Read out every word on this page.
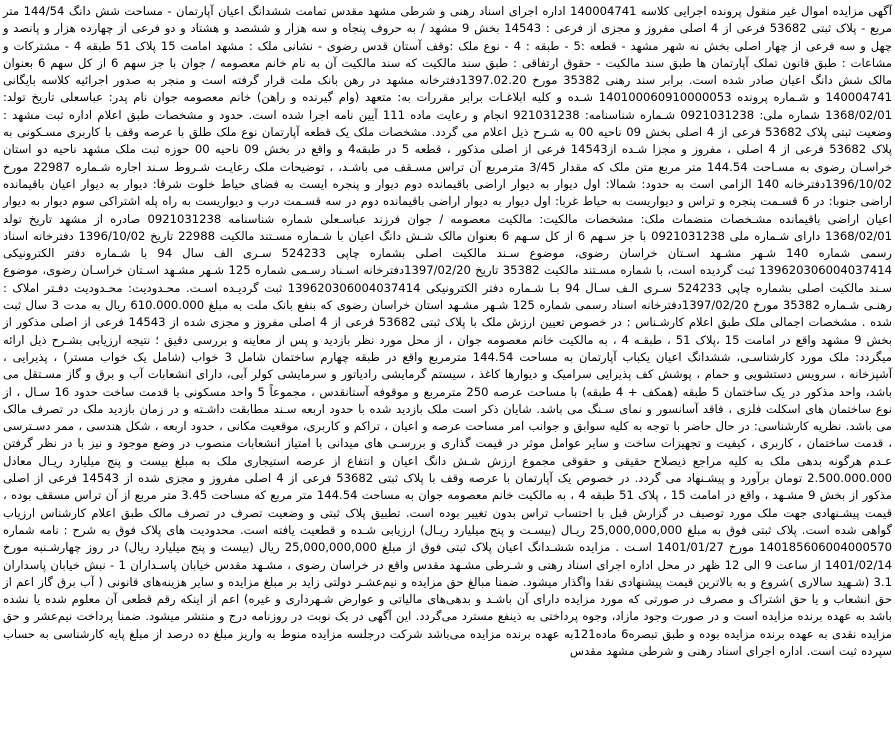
آگهی مزایده اموال غیر منقول پرونده اجرایی کلاسه 140004741 اداره اجرای اسناد رهنی و شرطی مشهد مقدس تمامت ششدانگ اعیان آپارتمان - مساحت شش دانگ 144/54 متر مربع - پلاک ثبتی 53682 فرعی از 4 اصلی مفروز و مجزی از فرعی : 14543 بخش 9 مشهد / به حروف پنجاه و سه هزار و ششصد و هشتاد و دو فرعی از چهارده هزار و پانصد و چهل و سه فرعی از چهار اصلی بخش نه شهر مشهد - قطعه :5 - طبقه : 4 - نوع ملک :وقف آستان قدس رضوی - نشانی ملک : مشهد امامت 15 پلاک 51 طبقه 4 - مشترکات و مشاعات : طبق قانون تملک آپارتمان ها طبق سند مالکیت - حقوق ارتفاقی : طبق سند مالکیت که سند مالکیت آن به نام خانم معصومه / جوان با جز سهم 6 از کل سهم 6 بعنوان مالک شش دانگ اعیان صادر شده است. برابر سند رهنی 35382 مورخ 1397.02.20دفترخانه مشهد در رهن بانک ملت قرار گرفته است و منجر به صدور اجرائیه کلاسه بایگانی 140004741 و شـماره پرونده 140100060910000053 شـده و کلیه ابلاغـات برابر مقررات به: متعهد (وام گیرنده و راهن) خانم معصومه جوان نام پدر: عباسعلی تاریخ تولد: 1368/02/01 شماره ملی: 0921031238 شـماره شناسنامه: 921031238 انجام و رعایت ماده 111 آیین نامه اجرا شده است. حدود و مشخصات طبق اعلام اداره ثبت مشهد : وضعیت ثبتی پلاک 53682 فرعی از 4 اصلی بخش 09 ناحیه 00 به شـرح ذیل اعلام می گردد. مشخصات ملک یک قطعه آپارتمان نوع ملک طلق با عرصه وقف با کاربری مسـکونی به پلاک 53682 فرعی از 4 اصلی ، مفروز و مجزا شـده از14543 فرعی از اصلی مذکور ، قطعه 5 در طبقه4 و واقع در بخش 09 ناحیه 00 حوزه ثبت ملک مشهد ناحیه دو استان خراسـان رضوی به مسـاحت 144.54 متر مربع متن ملک که مقدار 3/45 مترمربع آن تراس مسـقف می باشـد، ، توضیحات ملک رعایـت شـروط سـند اجاره شـماره 22987 مورخ 1396/10/02دفترخانه 140 الزامی است به حدود: شمالا: اول دیوار به دیوار اراضی باقیمانده دوم دیوار و پنجره ایست به فضای حیاط خلوت شرقا: دیوار به دیوار اعیان باقیمانده اراضی جنوبا: در 6 قسـمت پنجره و تراس و دیواریست به حیاط غربا: اول دیوار به دیوار اراضی باقیمانده دوم در سه قسـمت درب و دیواریست به راه پله اشتراکی سوم دیوار به دیوار اعیان اراضی باقیمانده مشـخصات منضمات ملک: مشخصات مالکیت: مالکیت معصومه / جوان فرزند عباسـعلی شماره شناسنامه 0921031238 صادره از مشهد تاریخ تولد 1368/02/01 دارای شـماره ملی 0921031238 با جز سـهم 6 از کل سـهم 6 بعنوان مالک شـش دانگ اعیان با شـماره مسـتند مالکیت 22988 تاریخ 1396/10/02 دفترخانه اسناد رسمی شماره 140 شـهر مشـهد اسـتان خراسان رضوی، موضوع سـند مالکیت اصلی بشماره چاپی 524233 سـری الف سال 94 با شـماره دفتر الکترونیکی 139620306004037414 ثبت گردیده است، با شماره مسـتند مالکیت 35382 تاریخ 1397/02/20دفترخانه اسـناد رسـمی شماره 125 شـهر مشـهد اسـتان خراسـان رضوی، موضوع سـند مالکیت اصلی بشماره چاپی 524233 سـری الـف سـال 94 بـا شـماره دفتر الکترونیکی 139620306004037414 ثبت گردیـده اسـت. محـدودیت: محـدودیت دفـتر املاک : رهنـی شـماره 35382 مورخ 1397/02/20دفترخانه اسناد رسمی شماره 125 شـهر مشـهد استان خراسان رضوی که بنفع بانک ملت به مبلغ 610.000.000 ریال به مدت 3 سال ثبت شده . مشخصات اجمالی ملک طبق اعلام کارشـناس : در خصوص تعیین ارزش ملک با پلاک ثبتی 53682 فرعی از 4 اصلی مفروز و مجزی شده از 14543 فرعی از اصلی مذکور از بخش 9 مشهد واقع در امامت 15 ،پلاک 51 ، طبقـه 4 ، به مالکیت خانم معصومه جوان ، از محل مورد نظر بازدید و پس از معاینه و بررسی دقیق ؛ نتیجه ارزیابی بشـرح ذیل ارائه میگردد: ملک مورد کارشناسـی، ششدانگ اعیان یکباب آپارتمان به مساحت 144.54 مترمربع واقع در طبقه چهارم ساختمان شامل 3 خواب (شامل یک خواب مستر) ، پذیرایی ، آشپزخانه ، سرویس دستشویی و حمام ، پوشش کف پذیرایی سرامیک و دیوارها کاغذ ، سیستم گرمایشی رادیاتور و سرمایشی کولر آبی، دارای انشعابات آب و برق و گاز مسـتقل می باشد، واحد مذکور در یک ساختمان 5 طبقه (همکف + 4 طبقه) با مساحت عرصه 250 مترمربع و موقوفه آستانقدس ، مجموعاً 5 واحد مسکونی با قدمت ساخت حدود 16 سـال ، از نوع ساختمان های اسکلت فلزی ، فاقد آسانسور و نمای سـنگ می باشد. شایان ذکر است ملک بازدید شده با حدود اربعه سـند مطابقت داشـته و در زمان بازدید ملک در تصرف مالک می باشد. نظریه کارشناسی: در حال حاضر با توجه به کلیه سوابق و جوانب امر مساحت عرصه و اعیان ، تراکم و کاربری، موقعیت مکانی ، حدود اربعه ، شکل هندسی ، ممر دسـترسی ، قدمت ساختمان ، کاربری ، کیفیت و تجهیزات ساخت و سایر عوامل موثر در قیمت گذاری و بررسـی های میدانی با امتیاز انشعابات منصوب در وضع موجود و نیز با در نظر گرفتن عـدم هرگونه بدهی ملک به کلیه مراجع ذیصلاح حقیقی و حقوقی مجموع ارزش شـش دانگ اعیان و انتفاع از عرصه استیجاری ملک به مبلغ بیست و پنج میلیارد ریـال معادل 2.500.000.000 تومان برآورد و پیشـنهاد می گردد. در خصوص یک آپارتمان با عرصه وقف با پلاک ثبتی 53682 فرعی از 4 اصلی مفروز و مجزی شده از 14543 فرعی از اصلی مذکور از بخش 9 مشـهد ، واقع در امامت 15 ، پلاک 51 طبقه 4 ، به مالکیت خانم معصومه جوان به مساحت 144.54 متر مربع که مساحت 3.45 متر مربع از آن تراس مسقف بوده ، قیمت پیشـنهادی جهت ملک مورد توصیف در گزارش قبل با احتساب تراس بدون تغییر بوده است. تطبیق پلاک ثبتی و وضعیت تصرف در تصرف مالک طبق اعلام کارشناس ارزیاب گواهی شده است. پلاک ثبتی فوق به مبلغ 25,000,000,000 ریـال (بیسـت و پنج میلیارد ریـال) ارزیابی شـده و قطعیت یافته است. محدودیت های پلاک فوق به شرح : نامه شماره 140185606004000570 مورخ 1401/01/27 اسـت . مزایده ششـدانگ اعیان پلاک ثبتی فوق از مبلغ 25,000,000,000 ریال (بیست و پنج میلیارد ریال) در روز چهارشـنبه مورخ 1401/02/14 از ساعت 9 الی 12 ظهر در محل اداره اجرای اسناد رهنی و شـرطی مشـهد مقدس واقع در خراسان رضوی ، مشـهد مقدس خیابان پاسـداران 1 - نبش خیابان پاسداران 3.1 (شـهید سالاری )شروع و به بالاترین قیمت پیشنهادی نقدا واگذار میشود. ضمنا مبالغ حق مزایده و نیم‌عشـر دولتی زاید بر مبلغ مزایده و سایر هزینه‌های قانونی ( آب برق گاز اعم از حق انشعاب و یا حق اشتراک و مصرف در صورتی که مورد مزایده دارای آن باشـد و بدهی‌های مالیاتی و عوارض شـهرداری و غیره) اعم از اینکه رقم قطعی آن معلوم شده یا نشده باشد به عهده برنده مزایده است و در صورت وجود مازاد، وجوه پرداختی به ذینفع مسترد می‌گردد. این آگهی در یک نوبت در روزنامه درج و منتشر میشود. ضمنا پرداخت نیم‌عشر و حق مزایده نقدی به عهده برنده مزایده بوده و طبق تبصره6 ماده121به عهده برنده مزایده می‌باشد شرکت درجلسه مزایده منوط به واریز مبلغ ده درصد از مبلغ پایه کارشناسی به حساب سپرده ثبت است. اداره اجرای اسناد رهنی و شرطی مشهد مقدس
